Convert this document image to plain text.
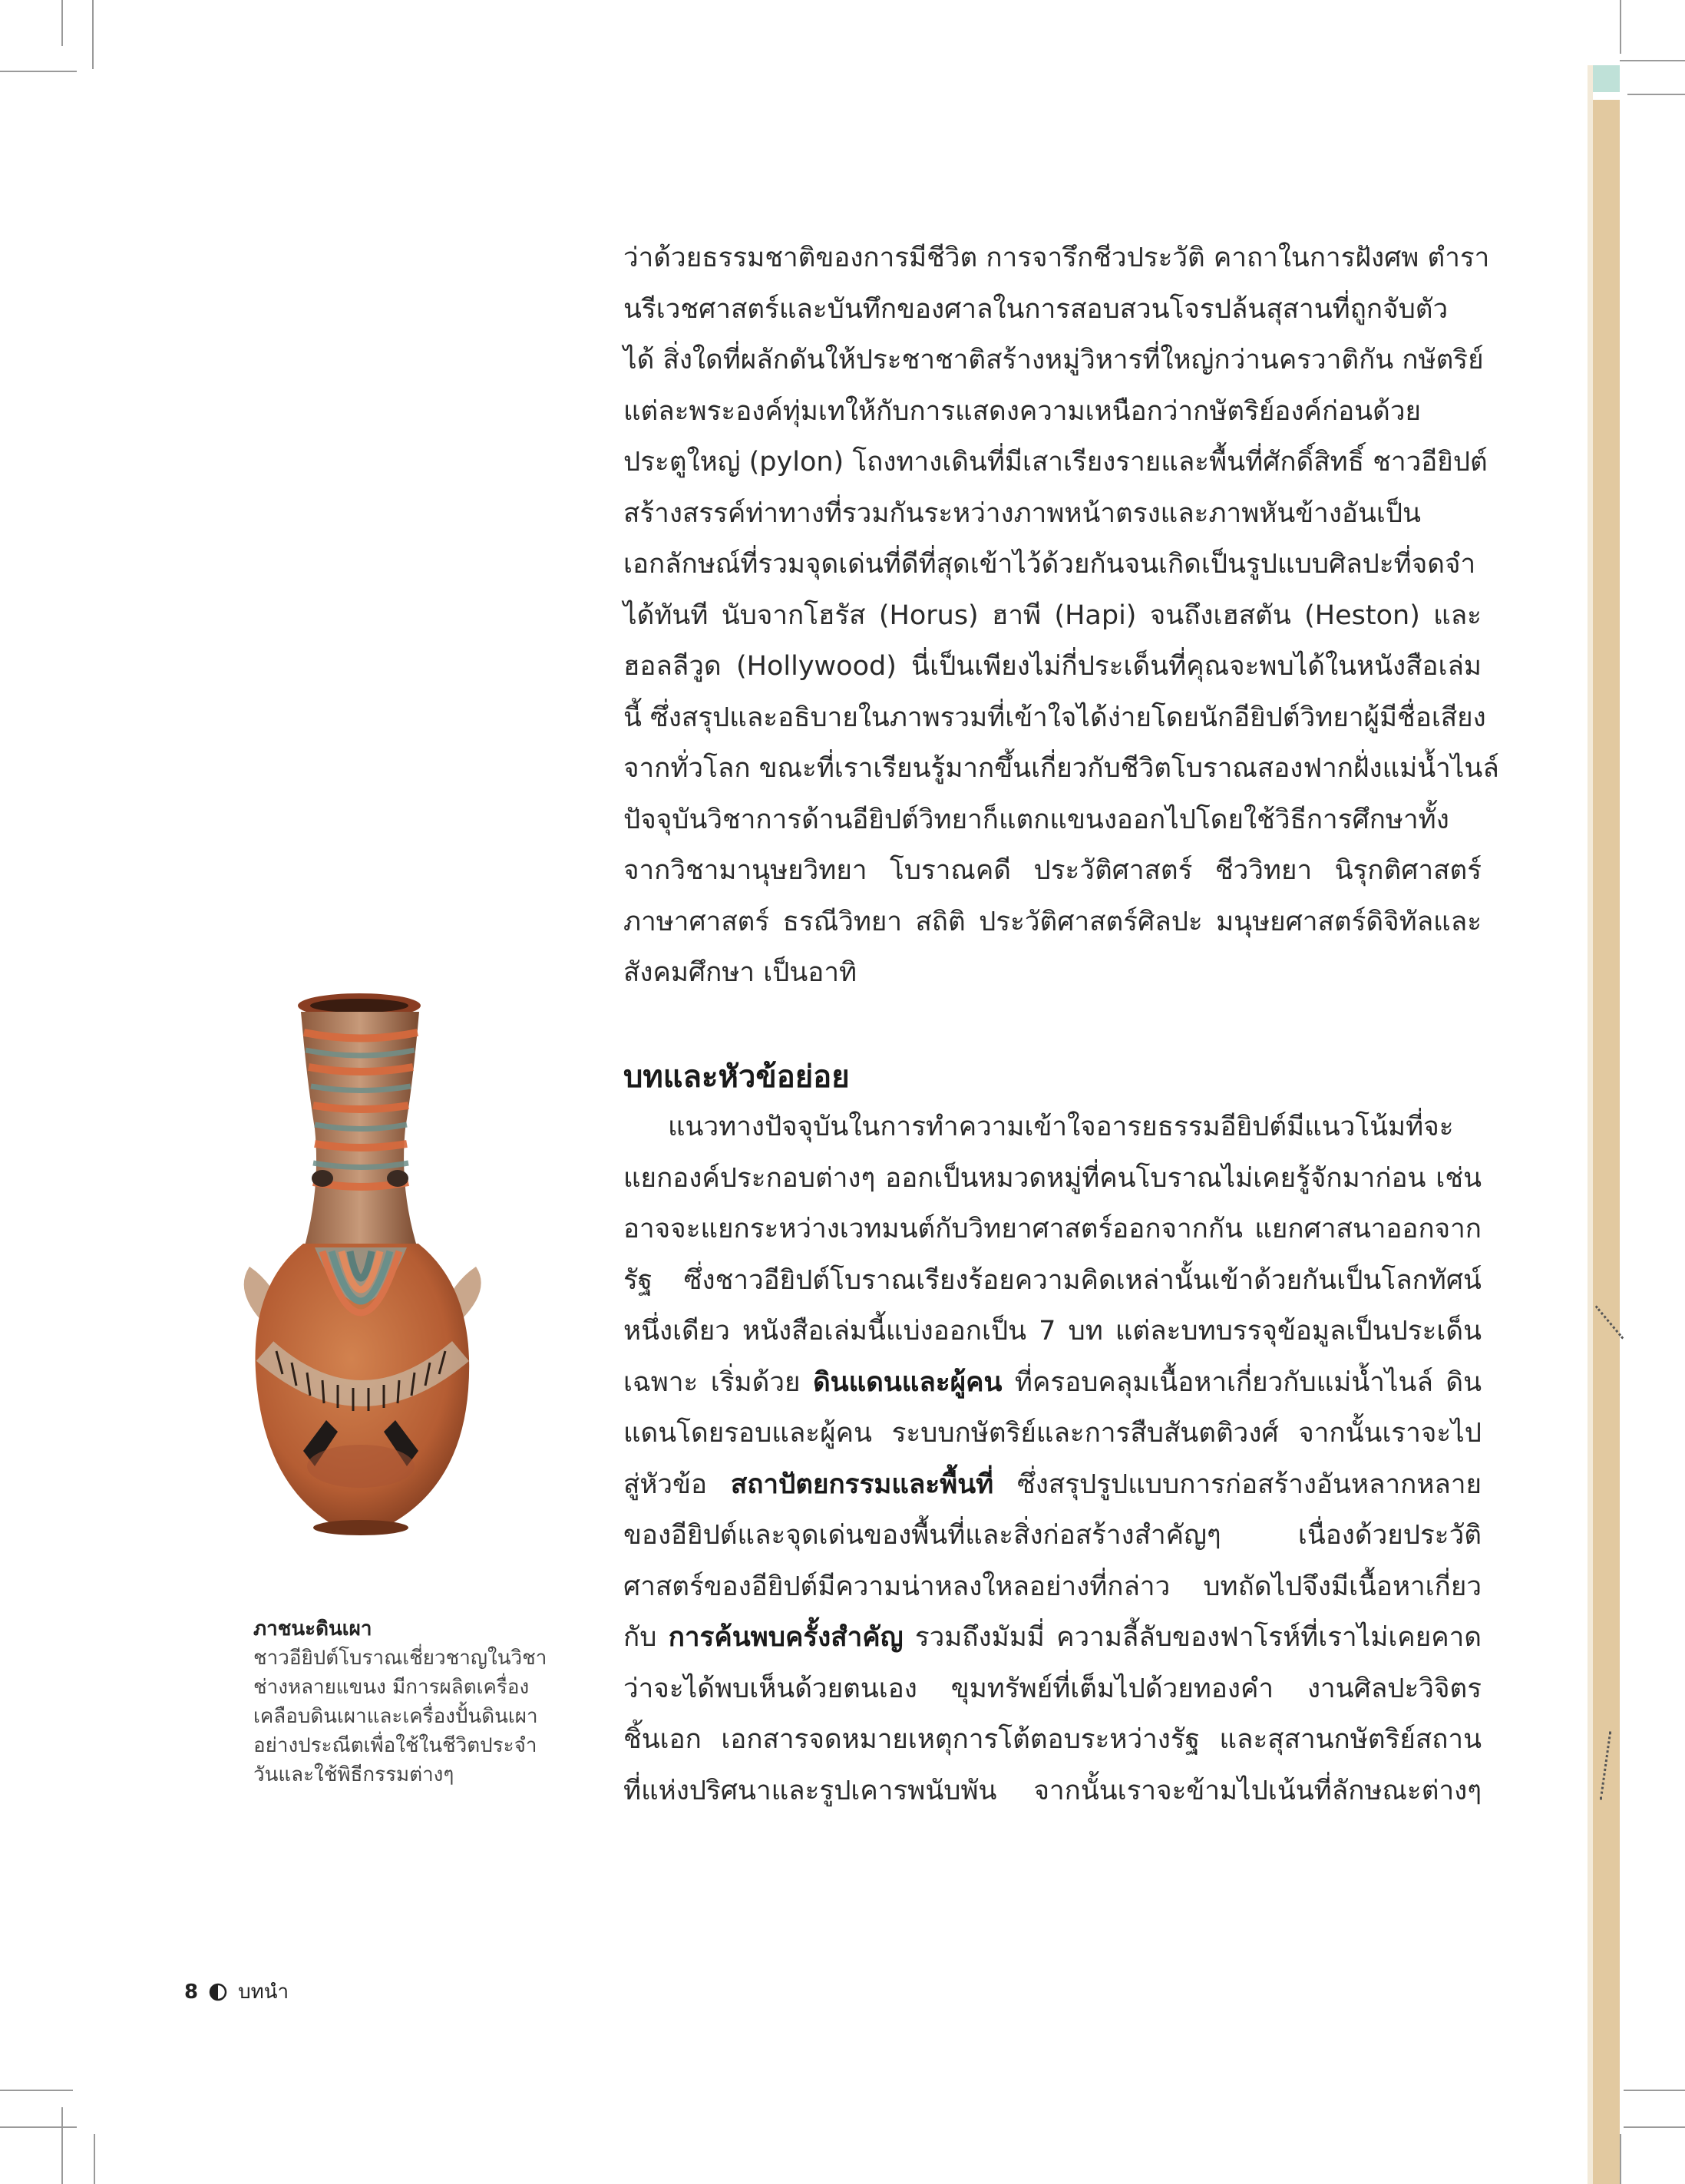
ว่าด้วยธรรมชาติของการมีชีวิต การจารึกชีวประวัติ คาถาในการฝังศพ ตำรา
นรีเวชศาสตร์และบันทึกของศาลในการสอบสวนโจรปล้นสุสานที่ถูกจับตัว
ได้ สิ่งใดที่ผลักดันให้ประชาชาติสร้างหมู่วิหารที่ใหญ่กว่านครวาติกัน กษัตริย์
แต่ละพระองค์ทุ่มเทให้กับการแสดงความเหนือกว่ากษัตริย์องค์ก่อนด้วย
ประตูใหญ่ (pylon) โถงทางเดินที่มีเสาเรียงรายและพื้นที่ศักดิ์สิทธิ์ ชาวอียิปต์
สร้างสรรค์ท่าทางที่รวมกันระหว่างภาพหน้าตรงและภาพหันข้างอันเป็น
เอกลักษณ์ที่รวมจุดเด่นที่ดีที่สุดเข้าไว้ด้วยกันจนเกิดเป็นรูปแบบศิลปะที่จดจำ
ได้ทันที นับจากโฮรัส (Horus) ฮาพี (Hapi) จนถึงเฮสตัน (Heston) และ
ฮอลลีวูด (Hollywood) นี่เป็นเพียงไม่กี่ประเด็นที่คุณจะพบได้ในหนังสือเล่ม
นี้ ซึ่งสรุปและอธิบายในภาพรวมที่เข้าใจได้ง่ายโดยนักอียิปต์วิทยาผู้มีชื่อเสียง
จากทั่วโลก ขณะที่เราเรียนรู้มากขึ้นเกี่ยวกับชีวิตโบราณสองฟากฝั่งแม่น้ำไนล์
ปัจจุบันวิชาการด้านอียิปต์วิทยาก็แตกแขนงออกไปโดยใช้วิธีการศึกษาทั้ง
จากวิชามานุษยวิทยา โบราณคดี ประวัติศาสตร์ ชีววิทยา นิรุกติศาสตร์
ภาษาศาสตร์ ธรณีวิทยา สถิติ ประวัติศาสตร์ศิลปะ มนุษยศาสตร์ดิจิทัลและ
สังคมศึกษา เป็นอาทิ
บทและหัวข้อย่อย
แนวทางปัจจุบันในการทำความเข้าใจอารยธรรมอียิปต์มีแนวโน้มที่จะ
แยกองค์ประกอบต่างๆ ออกเป็นหมวดหมู่ที่คนโบราณไม่เคยรู้จักมาก่อน เช่น
อาจจะแยกระหว่างเวทมนต์กับวิทยาศาสตร์ออกจากกัน แยกศาสนาออกจาก
รัฐ ซึ่งชาวอียิปต์โบราณเรียงร้อยความคิดเหล่านั้นเข้าด้วยกันเป็นโลกทัศน์
หนึ่งเดียว หนังสือเล่มนี้แบ่งออกเป็น 7 บท แต่ละบทบรรจุข้อมูลเป็นประเด็น
เฉพาะ เริ่มด้วย ดินแดนและผู้คน ที่ครอบคลุมเนื้อหาเกี่ยวกับแม่น้ำไนล์ ดิน
แดนโดยรอบและผู้คน ระบบกษัตริย์และการสืบสันตติวงศ์ จากนั้นเราจะไป
สู่หัวข้อ สถาปัตยกรรมและพื้นที่ ซึ่งสรุปรูปแบบการก่อสร้างอันหลากหลาย
ของอียิปต์และจุดเด่นของพื้นที่และสิ่งก่อสร้างสำคัญๆ เนื่องด้วยประวัติ
ศาสตร์ของอียิปต์มีความน่าหลงใหลอย่างที่กล่าว บทถัดไปจึงมีเนื้อหาเกี่ยว
กับ การค้นพบครั้งสำคัญ รวมถึงมัมมี่ ความลี้ลับของฟาโรห์ที่เราไม่เคยคาด
ว่าจะได้พบเห็นด้วยตนเอง ขุมทรัพย์ที่เต็มไปด้วยทองคำ งานศิลปะวิจิตร
ชิ้นเอก เอกสารจดหมายเหตุการโต้ตอบระหว่างรัฐ และสุสานกษัตริย์สถาน
ที่แห่งปริศนาและรูปเคารพนับพัน จากนั้นเราจะข้ามไปเน้นที่ลักษณะต่างๆ
ภาชนะดินเผา
ชาวอียิปต์โบราณเชี่ยวชาญในวิชา
ช่างหลายแขนง มีการผลิตเครื่อง
เคลือบดินเผาและเครื่องปั้นดินเผา
อย่างประณีตเพื่อใช้ในชีวิตประจำ
วันและใช้พิธีกรรมต่างๆ
8 บทนำ
